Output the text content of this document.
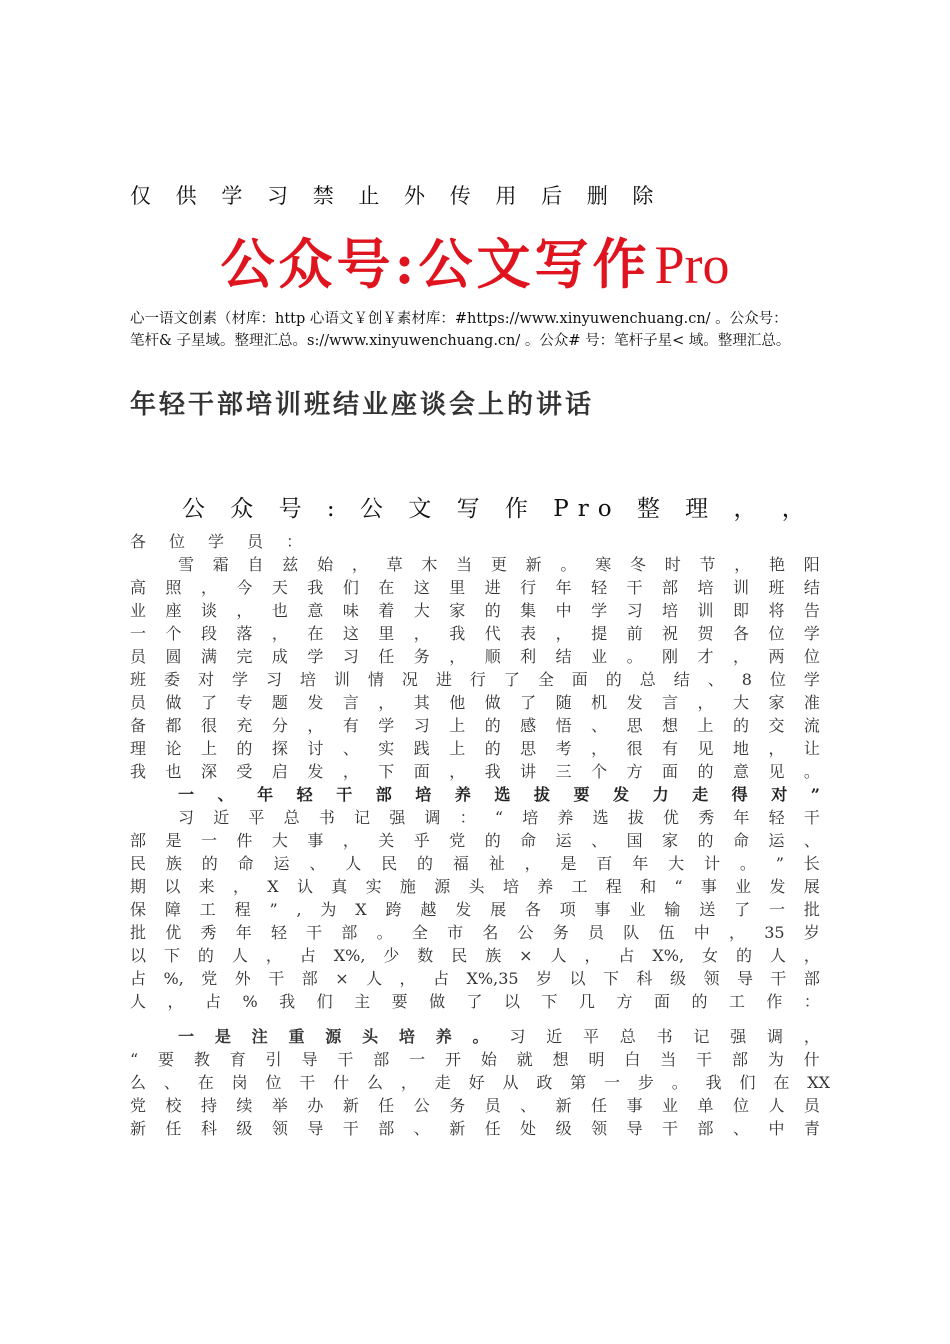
仅 供 学 习 禁 止 外 传 用 后 删 除
公众号:公文写作Pro

心一语文创素（材库：http 心语文￥创￥素材库：#https://www.xinyuwenchuang.cn/ 。公众号：

笔杆& 子星域。整理汇总。s://www.xinyuwenchuang.cn/ 。公众# 号：笔杆子星< 域。整理汇总。

年轻干部培训班结业座谈会上的讲话
公 众 号 : 公 文 写 作 Pro 整 理 ， ，
各 位 学 员 ：
雪 霜 自 兹 始 ， 草 木 当 更 新 。 寒 冬 时 节 ， 艳 阳
高 照 ， 今 天 我 们 在 这 里 进 行 年 轻 干 部 培 训 班 结
业 座 谈 ， 也 意 味 着 大 家 的 集 中 学 习 培 训 即 将 告
一 个 段 落 ， 在 这 里 ， 我 代 表 ， 提 前 祝 贺 各 位 学
员 圆 满 完 成 学 习 任 务 ， 顺 利 结 业 。 刚 才 ， 两 位
班 委 对 学 习 培 训 情 况 进 行 了 全 面 的 总 结 、 8 位 学
员 做 了 专 题 发 言 ， 其 他 做 了 随 机 发 言 ， 大 家 准
备 都 很 充 分 ， 有 学 习 上 的 感 悟 、 思 想 上 的 交 流
理 论 上 的 探 讨 、 实 践 上 的 思 考 ， 很 有 见 地 ， 让
我 也 深 受 启 发 ， 下 面 ， 我 讲 三 个 方 面 的 意 见 。
一 、 年 轻 干 部 培 养 选 拔 要 发 力 走 得 对 ”
习 近 平 总 书 记 强 调 ： “ 培 养 选 拔 优 秀 年 轻 干
部 是 一 件 大 事 ， 关 乎 党 的 命 运 、 国 家 的 命 运 、
民 族 的 命 运 、 人 民 的 福 祉 ， 是 百 年 大 计 。 ” 长
期 以 来 ， X 认 真 实 施 源 头 培 养 工 程 和 “ 事 业 发 展
保 障 工 程 ” , 为 X 跨 越 发 展 各 项 事 业 输 送 了 一 批
批 优 秀 年 轻 干 部 。 全 市 名 公 务 员 队 伍 中 ， 35 岁
以 下 的 人 ， 占 X%, 少 数 民 族 × 人 ， 占 X%, 女 的 人 ，
占 %, 党 外 干 部 × 人 ， 占 X%,35 岁 以 下 科 级 领 导 干 部
人 ， 占 % 我 们 主 要 做 了 以 下 几 方 面 的 工 作 ：
一 是 注 重 源 头 培 养 。 习 近 平 总 书 记 强 调 ，
“ 要 教 育 引 导 干 部 一 开 始 就 想 明 白 当 干 部 为 什
么 、 在 岗 位 干 什 么 ， 走 好 从 政 第 一 步 。 我 们 在 XX
党 校 持 续 举 办 新 任 公 务 员 、 新 任 事 业 单 位 人 员
新 任 科 级 领 导 干 部 、 新 任 处 级 领 导 干 部 、 中 青
